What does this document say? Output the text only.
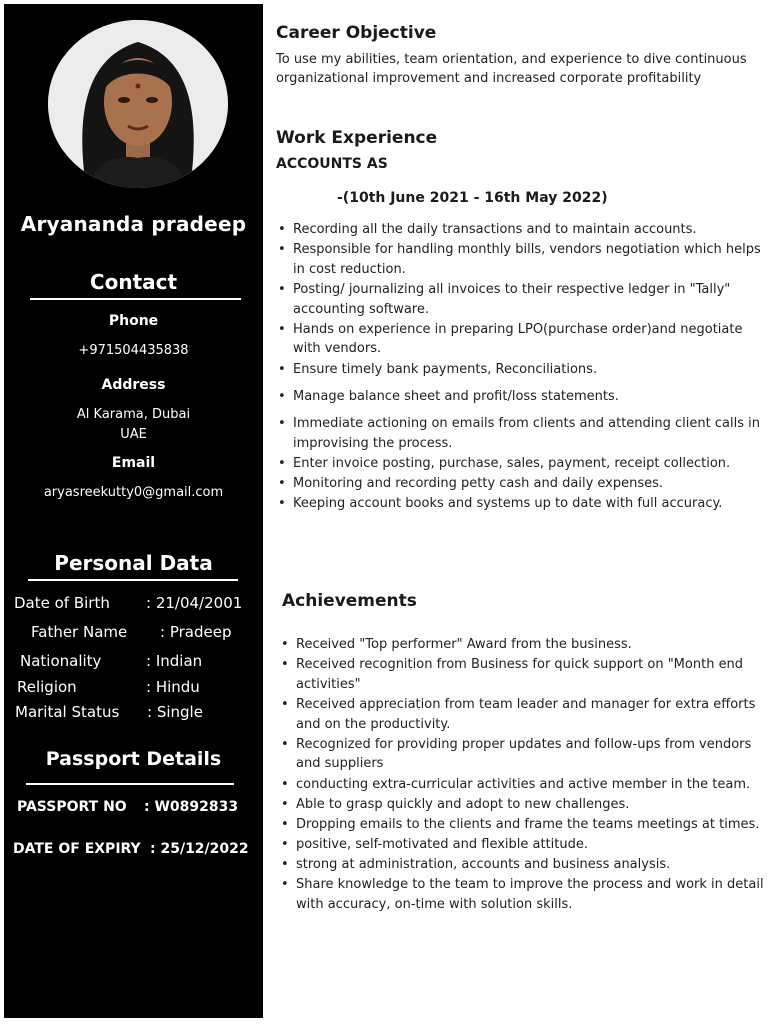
Aryananda pradeep
Contact
Phone
+971504435838
Address
Al Karama, Dubai
UAE
Email
aryasreekutty0@gmail.com
Personal Data
Date of Birth : 21/04/2001
Father Name : Pradeep
Nationality	: Indian
Religion	: Hindu
Marital Status : Single
Passport Details
PASSPORT NO : W0892833
DATE OF EXPIRY : 25/12/2022
Career Objective
To use my abilities, team orientation, and experience to dive continuous organizational improvement and increased corporate profitability
Work Experience
ACCOUNTS AS
-(10th June 2021 - 16th May 2022)
• Recording all the daily transactions and to maintain accounts.
• Responsible for handling monthly bills, vendors negotiation which helps in cost reduction.
• Posting/ journalizing all invoices to their respective ledger in "Tally" accounting software.
• Hands on experience in preparing LPO(purchase order)and negotiate with vendors.
• Ensure timely bank payments, Reconciliations.
• Manage balance sheet and profit/loss statements.
• Immediate actioning on emails from clients and attending client calls in improvising the process.
• Enter invoice posting, purchase, sales, payment, receipt collection.
• Monitoring and recording petty cash and daily expenses.
• Keeping account books and systems up to date with full accuracy.
Achievements
• Received "Top performer" Award from the business.
• Received recognition from Business for quick support on "Month end activities"
• Received appreciation from team leader and manager for extra efforts and on the productivity.
• Recognized for providing proper updates and follow-ups from vendors and suppliers
• conducting extra-curricular activities and active member in the team.
• Able to grasp quickly and adopt to new challenges.
• Dropping emails to the clients and frame the teams meetings at times.
• positive, self-motivated and flexible attitude.
• strong at administration, accounts and business analysis.
• Share knowledge to the team to improve the process and work in detail with accuracy, on-time with solution skills.
